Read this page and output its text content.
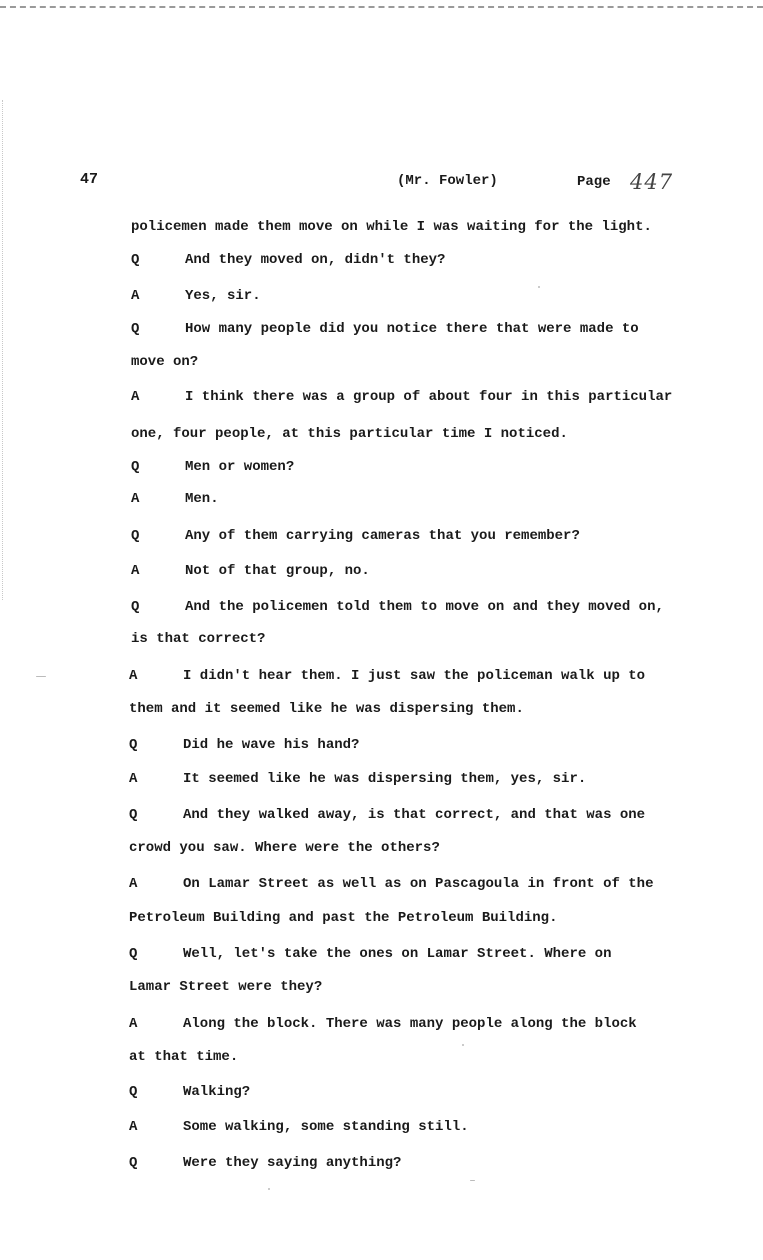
47	(Mr. Fowler)	Page 447
policemen made them move on while I was waiting for the light.
Q	And they moved on, didn't they?
A	Yes, sir.
Q	How many people did you notice there that were made to
move on?
A	I think there was a group of about four in this particular
one, four people, at this particular time I noticed.
Q	Men or women?
A	Men.
Q	Any of them carrying cameras that you remember?
A	Not of that group, no.
Q	And the policemen told them to move on and they moved on,
is that correct?
A	I didn't hear them. I just saw the policeman walk up to
them and it seemed like he was dispersing them.
Q	Did he wave his hand?
A	It seemed like he was dispersing them, yes, sir.
Q	And they walked away, is that correct, and that was one
crowd you saw. Where were the others?
A	On Lamar Street as well as on Pascagoula in front of the
Petroleum Building and past the Petroleum Building.
Q	Well, let's take the ones on Lamar Street. Where on
Lamar Street were they?
A	Along the block. There was many people along the block
at that time.
Q	Walking?
A	Some walking, some standing still.
Q	Were they saying anything?
